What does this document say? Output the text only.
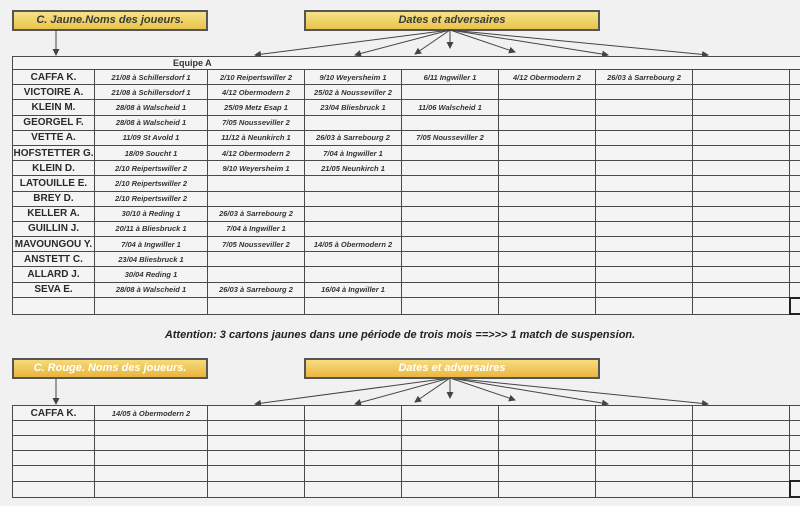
C. Jaune.Noms des joueurs.	Dates et adversaires
Equipe A								
CAFFA K.	21/08 à Schillersdorf 1	2/10 Reipertswiller 2	9/10 Weyersheim 1	6/11 Ingwiller 1	4/12 Obermodern 2	26/03 à Sarrebourg 2		
VICTOIRE A.	21/08 à Schillersdorf 1	4/12 Obermodern 2	25/02 à Nousseviller 2					
KLEIN M.	28/08 à Walscheid 1	25/09 Metz Esap 1	23/04 Bliesbruck 1	11/06 Walscheid 1				
GEORGEL F.	28/08 à Walscheid 1	7/05 Nousseviller 2						
VETTE A.	11/09 St Avold 1	11/12 à Neunkirch 1	26/03 à Sarrebourg 2	7/05 Nousseviller 2				
HOFSTETTER G.	18/09 Soucht 1	4/12 Obermodern 2	7/04 à Ingwiller 1					
KLEIN D.	2/10 Reipertswiller 2	9/10 Weyersheim 1	21/05 Neunkirch 1					
LATOUILLE E.	2/10 Reipertswiller 2							
BREY D.	2/10 Reipertswiller 2							
KELLER A.	30/10 à Reding 1	26/03 à Sarrebourg 2						
GUILLIN J.	20/11 à Bliesbruck 1	7/04 à Ingwiller 1						
MAVOUNGOU Y.	7/04 à Ingwiller 1	7/05 Nousseviller 2	14/05 à Obermodern 2					
ANSTETT C.	23/04 Bliesbruck 1							
ALLARD J.	30/04 Reding 1							
SEVA E.	28/08 à Walscheid 1	26/03 à Sarrebourg 2	16/04 à Ingwiller 1					

Attention: 3 cartons jaunes dans une période de trois mois ==>>> 1 match de suspension.
C. Rouge. Noms des joueurs.	Dates et adversaires
CAFFA K.	14/05 à Obermodern 2							
